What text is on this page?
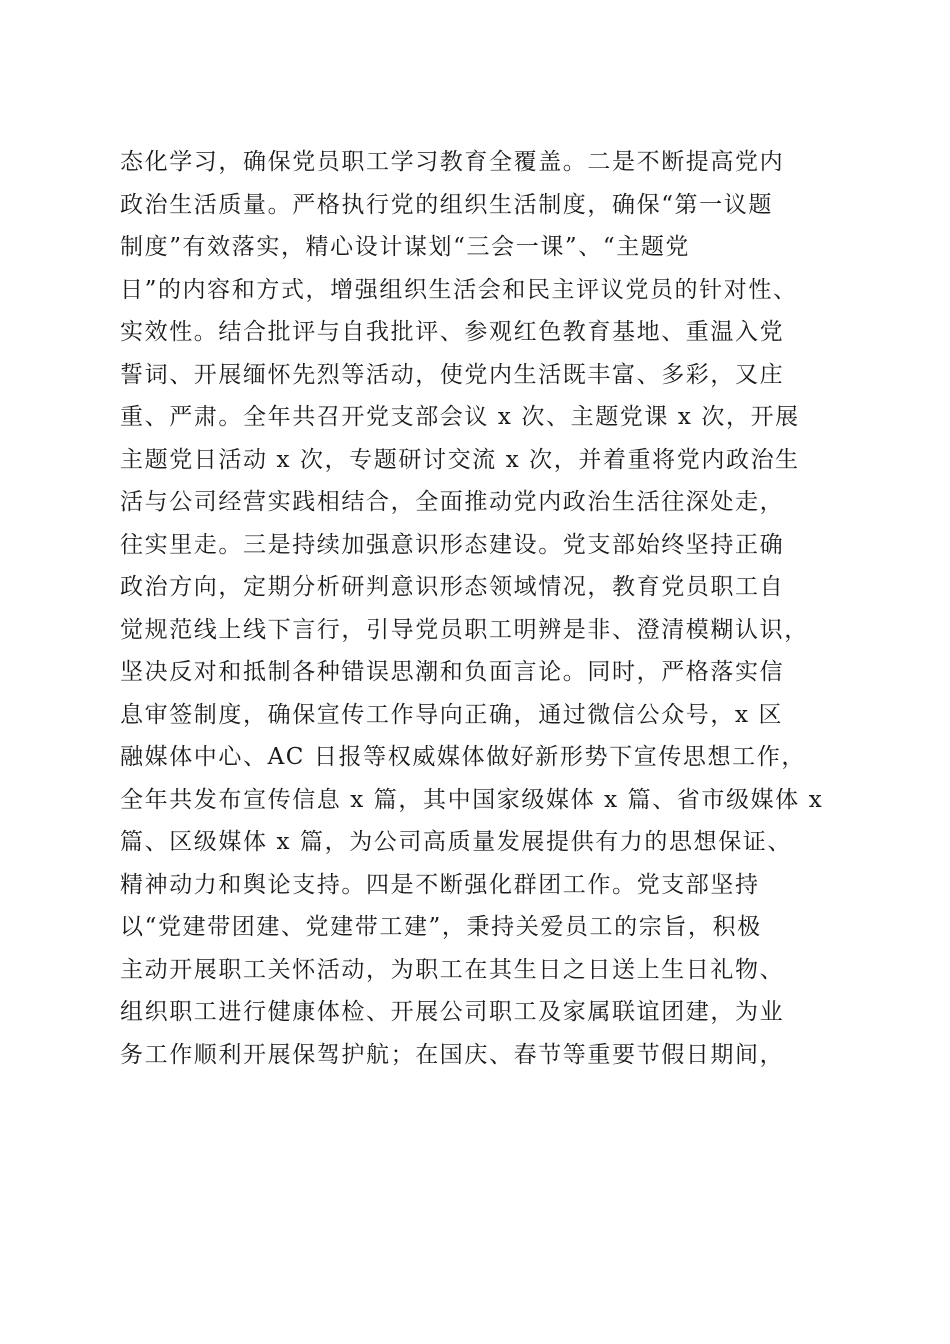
态化学习，确保党员职工学习教育全覆盖。二是不断提高党内
政治生活质量。严格执行党的组织生活制度，确保“第一议题
制度”有效落实，精心设计谋划“三会一课”、“主题党
日”的内容和方式，增强组织生活会和民主评议党员的针对性、
实效性。结合批评与自我批评、参观红色教育基地、重温入党
誓词、开展缅怀先烈等活动，使党内生活既丰富、多彩，又庄
重、严肃。全年共召开党支部会议 x 次、主题党课 x 次，开展
主题党日活动 x 次，专题研讨交流 x 次，并着重将党内政治生
活与公司经营实践相结合，全面推动党内政治生活往深处走，
往实里走。三是持续加强意识形态建设。党支部始终坚持正确
政治方向，定期分析研判意识形态领域情况，教育党员职工自
觉规范线上线下言行，引导党员职工明辨是非、澄清模糊认识，
坚决反对和抵制各种错误思潮和负面言论。同时，严格落实信
息审签制度，确保宣传工作导向正确，通过微信公众号，x 区
融媒体中心、AC 日报等权威媒体做好新形势下宣传思想工作，
全年共发布宣传信息 x 篇，其中国家级媒体 x 篇、省市级媒体 x
篇、区级媒体 x 篇，为公司高质量发展提供有力的思想保证、
精神动力和舆论支持。四是不断强化群团工作。党支部坚持
以“党建带团建、党建带工建”，秉持关爱员工的宗旨，积极
主动开展职工关怀活动，为职工在其生日之日送上生日礼物、
组织职工进行健康体检、开展公司职工及家属联谊团建，为业
务工作顺利开展保驾护航；在国庆、春节等重要节假日期间，
